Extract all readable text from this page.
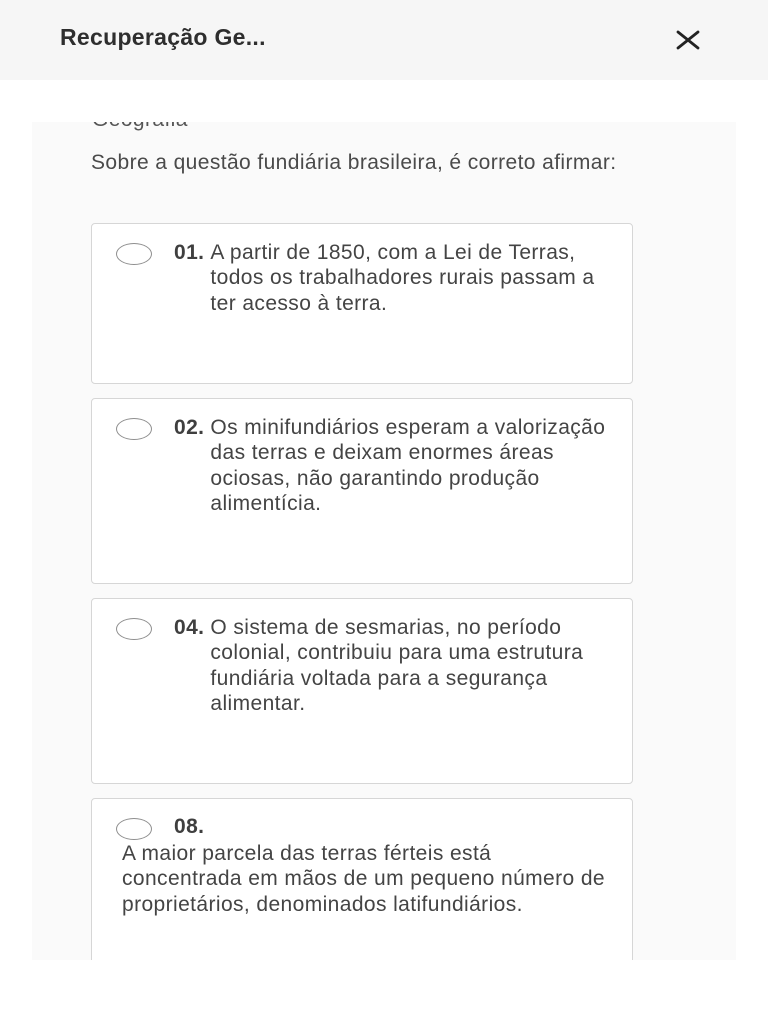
Recuperação Ge...
Sobre a questão fundiária brasileira, é correto afirmar:
01. A partir de 1850, com a Lei de Terras, todos os trabalhadores rurais passam a ter acesso à terra.
02. Os minifundiários esperam a valorização das terras e deixam enormes áreas ociosas, não garantindo produção alimentícia.
04. O sistema de sesmarias, no período colonial, contribuiu para uma estrutura fundiária voltada para a segurança alimentar.
08.
A maior parcela das terras férteis está concentrada em mãos de um pequeno número de proprietários, denominados latifundiários.
